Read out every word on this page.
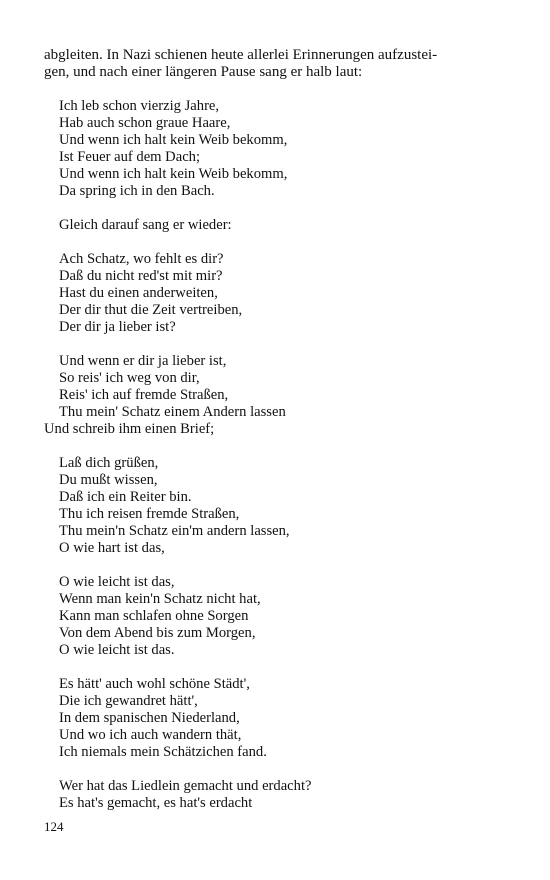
abgleiten. In Nazi schienen heute allerlei Erinnerungen aufzustei-
gen, und nach einer längeren Pause sang er halb laut:
Ich leb schon vierzig Jahre,
Hab auch schon graue Haare,
Und wenn ich halt kein Weib bekomm,
Ist Feuer auf dem Dach;
Und wenn ich halt kein Weib bekomm,
Da spring ich in den Bach.
Gleich darauf sang er wieder:
Ach Schatz, wo fehlt es dir?
Daß du nicht red'st mit mir?
Hast du einen anderweiten,
Der dir thut die Zeit vertreiben,
Der dir ja lieber ist?
Und wenn er dir ja lieber ist,
So reis' ich weg von dir,
Reis' ich auf fremde Straßen,
Thu mein' Schatz einem Andern lassen
Und schreib ihm einen Brief;
Laß dich grüßen,
Du mußt wissen,
Daß ich ein Reiter bin.
Thu ich reisen fremde Straßen,
Thu mein'n Schatz ein'm andern lassen,
O wie hart ist das,
O wie leicht ist das,
Wenn man kein'n Schatz nicht hat,
Kann man schlafen ohne Sorgen
Von dem Abend bis zum Morgen,
O wie leicht ist das.
Es hätt' auch wohl schöne Städt',
Die ich gewandret hätt',
In dem spanischen Niederland,
Und wo ich auch wandern thät,
Ich niemals mein Schätzichen fand.
Wer hat das Liedlein gemacht und erdacht?
Es hat's gemacht, es hat's erdacht
124
